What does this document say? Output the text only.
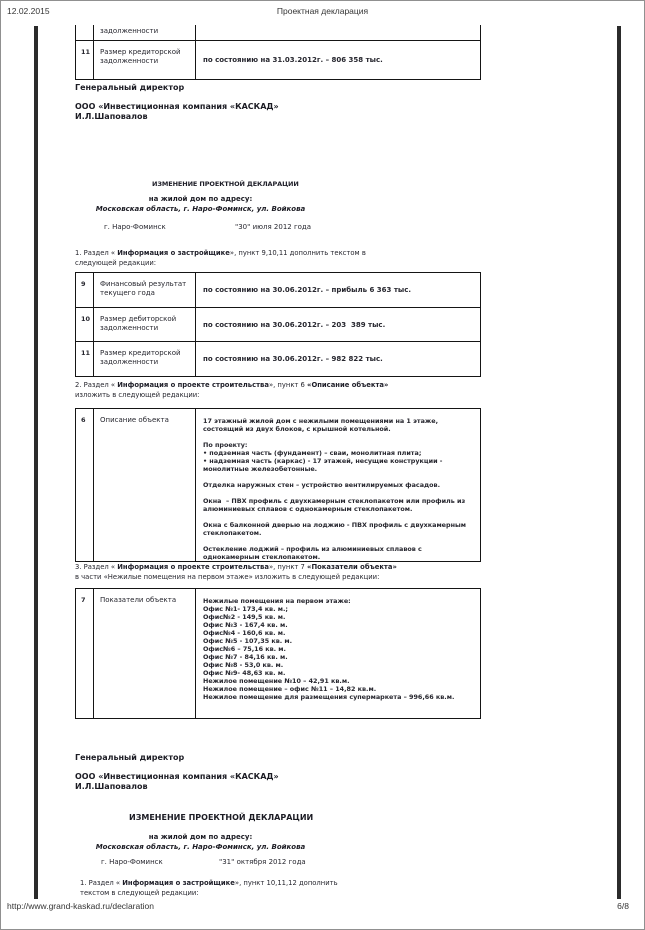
12.02.2015	Проектная декларация
задолженности
11	Размер кредиторской задолженности	по состоянию на 31.03.2012г. – 806 358 тыс.
Генеральный директор
ООО «Инвестиционная компания «КАСКАД»
И.Л.Шаповалов
ИЗМЕНЕНИЕ ПРОЕКТНОЙ ДЕКЛАРАЦИИ
на жилой дом по адресу:
Московская область, г. Наро-Фоминск, ул. Войкова
г. Наро-Фоминск	"30" июля 2012 года
1. Раздел « Информация о застройщике», пункт 9,10,11 дополнить текстом в
следующей редакции:
9	Финансовый результат текущего года	по состоянию на 30.06.2012г. – прибыль 6 363 тыс.
10	Размер дебиторской задолженности	по состоянию на 30.06.2012г. – 203  389 тыс.
11	Размер кредиторской задолженности	по состоянию на 30.06.2012г. – 982 822 тыс.
2. Раздел « Информация о проекте строительства», пункт 6 «Описание объекта»
изложить в следующей редакции:
6	Описание объекта	17 этажный жилой дом с нежилыми помещениями на 1 этаже, состоящий из двух блоков, с крышной котельной.
По проекту:
• подземная часть (фундамент) – сваи, монолитная плита;
• надземная часть (каркас) - 17 этажей, несущие конструкции - монолитные железобетонные.
Отделка наружных стен – устройство вентилируемых фасадов.
Окна  – ПВХ профиль с двухкамерным стеклопакетом или профиль из алюминиевых сплавов с однокамерным стеклопакетом.
Окна с балконной дверью на лоджию - ПВХ профиль с двухкамерным стеклопакетом.
Остекление лоджий – профиль из алюминиевых сплавов с однокамерным стеклопакетом.
3. Раздел « Информация о проекте строительства», пункт 7 «Показатели объекта»
в части «Нежилые помещения на первом этаже» изложить в следующей редакции:
7	Показатели объекта	Нежилые помещения на первом этаже:
Офис №1- 173,4 кв. м.;
Офис№2 - 149,5 кв. м.
Офис №3 - 167,4 кв. м.
Офис№4 - 160,6 кв. м.
Офис №5 - 107,35 кв. м.
Офис№6 – 75,16 кв. м.
Офис №7 - 84,16 кв. м.
Офис №8 - 53,0 кв. м.
Офис №9- 48,63 кв. м.
Нежилое помещение №10 – 42,91 кв.м.
Нежилое помещение – офис №11 – 14,82 кв.м.
Нежилое помещение для размещения супермаркета – 996,66 кв.м.
Генеральный директор
ООО «Инвестиционная компания «КАСКАД»
И.Л.Шаповалов
ИЗМЕНЕНИЕ ПРОЕКТНОЙ ДЕКЛАРАЦИИ
на жилой дом по адресу:
Московская область, г. Наро-Фоминск, ул. Войкова
г. Наро-Фоминск	"31" октября 2012 года
1. Раздел « Информация о застройщике», пункт 10,11,12 дополнить
текстом в следующей редакции:
http://www.grand-kaskad.ru/declaration	6/8
